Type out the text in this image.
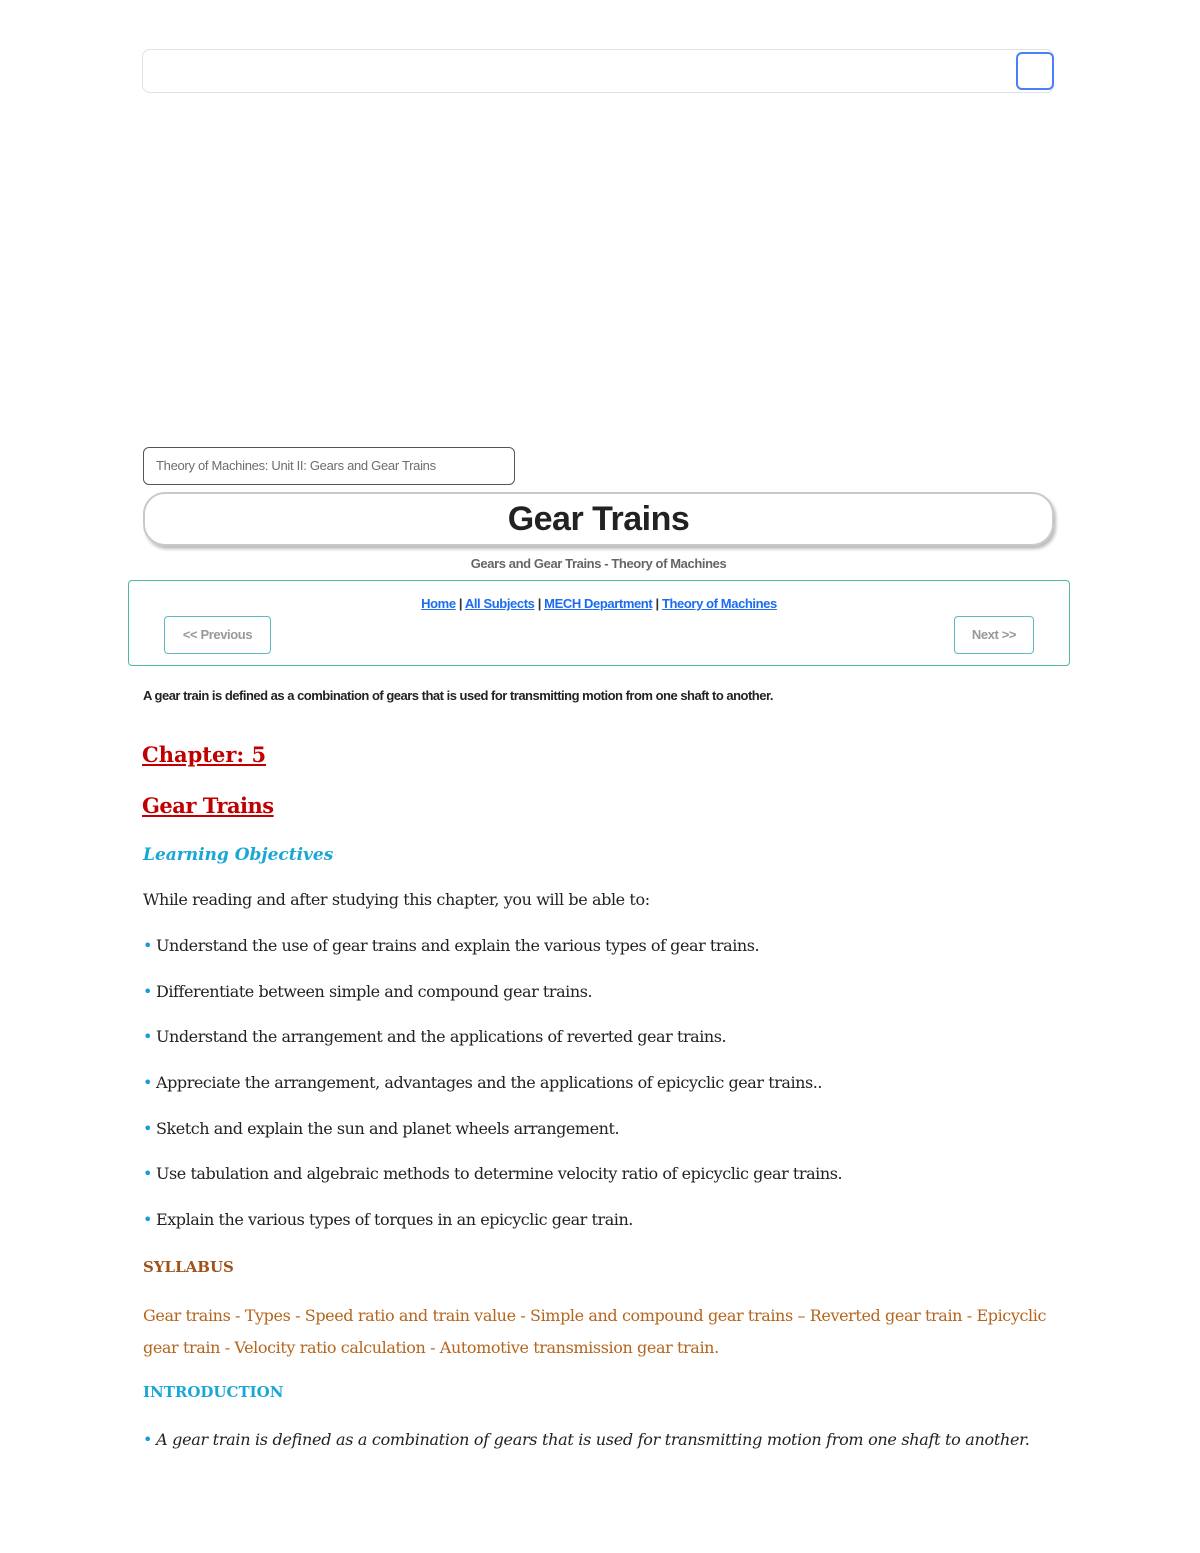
Theory of Machines: Unit II: Gears and Gear Trains
Gear Trains
Gears and Gear Trains - Theory of Machines
Home | All Subjects | MECH Department | Theory of Machines
<< Previous	Next >>
A gear train is defined as a combination of gears that is used for transmitting motion from one shaft to another.
Chapter: 5
Gear Trains
Learning Objectives
While reading and after studying this chapter, you will be able to:
• Understand the use of gear trains and explain the various types of gear trains.
• Differentiate between simple and compound gear trains.
• Understand the arrangement and the applications of reverted gear trains.
• Appreciate the arrangement, advantages and the applications of epicyclic gear trains..
• Sketch and explain the sun and planet wheels arrangement.
• Use tabulation and algebraic methods to determine velocity ratio of epicyclic gear trains.
• Explain the various types of torques in an epicyclic gear train.
SYLLABUS
Gear trains - Types - Speed ratio and train value - Simple and compound gear trains – Reverted gear train - Epicyclic gear train - Velocity ratio calculation - Automotive transmission gear train.
INTRODUCTION
• A gear train is defined as a combination of gears that is used for transmitting motion from one shaft to another.
